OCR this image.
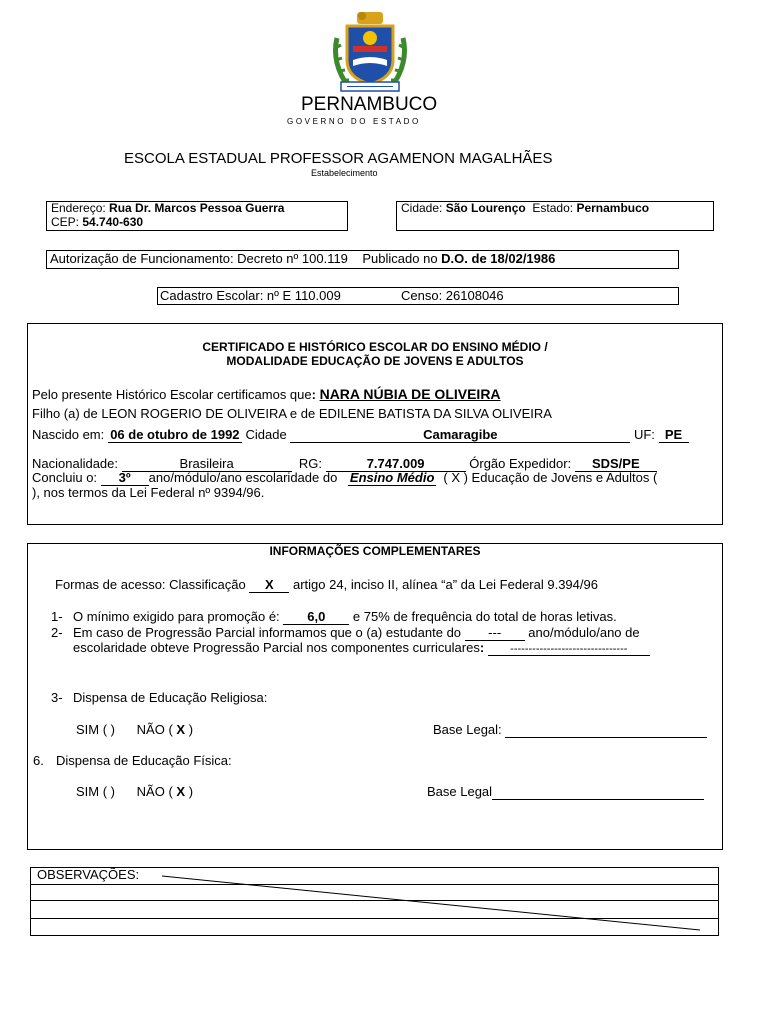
PERNAMBUCO
GOVERNO DO ESTADO
ESCOLA ESTADUAL PROFESSOR AGAMENON MAGALHÃES
Estabelecimento
Endereço: Rua Dr. Marcos Pessoa Guerra
CEP: 54.740-630
Cidade: São Lourenço Estado: Pernambuco
Autorização de Funcionamento: Decreto nº 100.119 Publicado no D.O. de 18/02/1986
Cadastro Escolar: nº E 110.009	Censo: 26108046
CERTIFICADO E HISTÓRICO ESCOLAR DO ENSINO MÉDIO /
MODALIDADE EDUCAÇÃO DE JOVENS E ADULTOS
Pelo presente Histórico Escolar certificamos que: NARA NÚBIA DE OLIVEIRA
Filho (a) de LEON ROGERIO DE OLIVEIRA e de EDILENE BATISTA DA SILVA OLIVEIRA
Nascido em: 06 de otubro de 1992 Cidade	Camaragibe	UF: PE
Nacionalidade:	Brasileira	RG:	7.747.009	Órgão Expedidor: SDS/PE
Concluiu o: 3º ano/módulo/ano escolaridade do Ensino Médio ( X ) Educação de Jovens e Adultos (
), nos termos da Lei Federal nº 9394/96.
INFORMAÇÕES COMPLEMENTARES
Formas de acesso: Classificação X artigo 24, inciso II, alínea “a” da Lei Federal 9.394/96
1- O mínimo exigido para promoção é: 6,0 e 75% de frequência do total de horas letivas.
2- Em caso de Progressão Parcial informamos que o (a) estudante do --- ano/módulo/ano de
escolaridade obteve Progressão Parcial nos componentes curriculares: --------------------------------
3- Dispensa de Educação Religiosa:
SIM ( ) NÃO ( X )	Base Legal:
6. Dispensa de Educação Física:
SIM ( ) NÃO ( X )	Base Legal
OBSERVAÇÕES:
